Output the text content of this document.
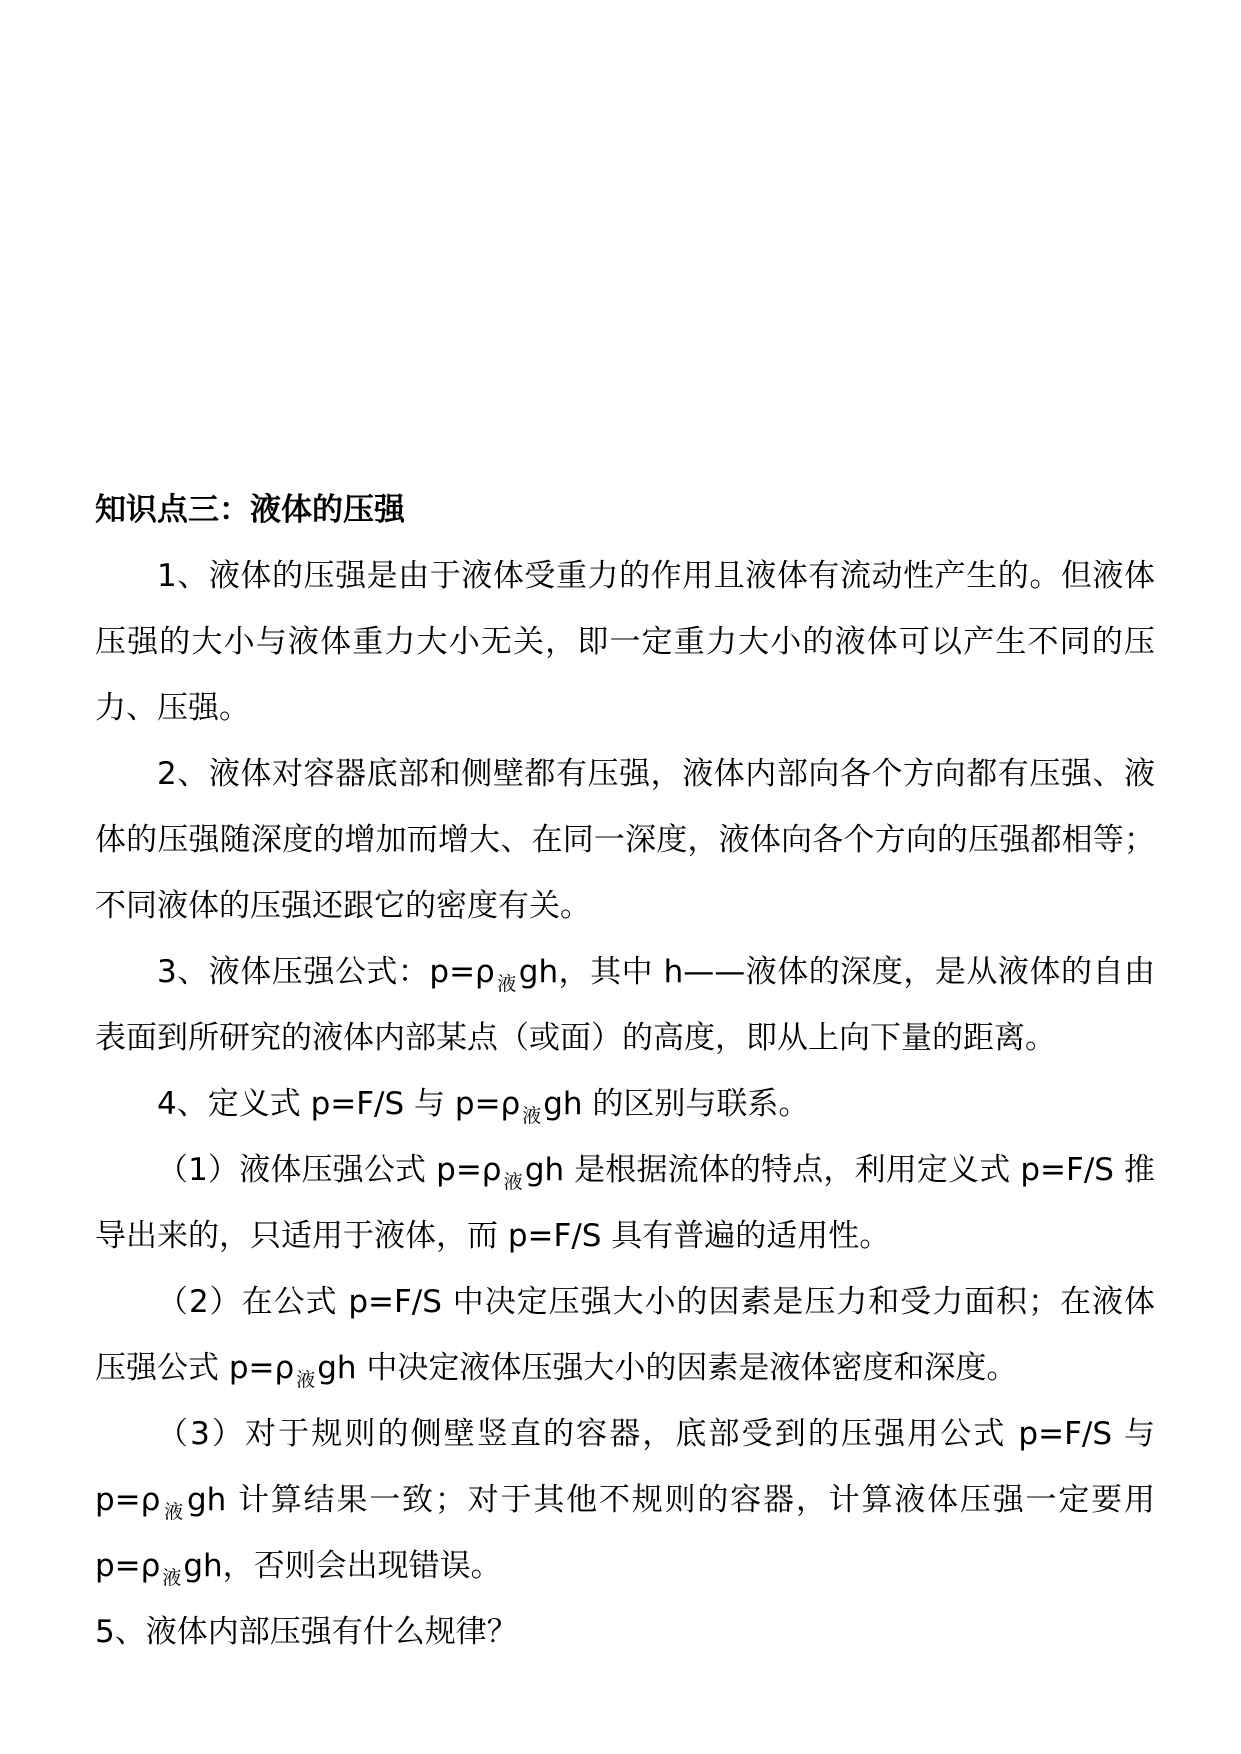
知识点三：液体的压强

1、液体的压强是由于液体受重力的作用且液体有流动性产生的。但液体压强的大小与液体重力大小无关，即一定重力大小的液体可以产生不同的压力、压强。

2、液体对容器底部和侧壁都有压强，液体内部向各个方向都有压强、液体的压强随深度的增加而增大、在同一深度，液体向各个方向的压强都相等；不同液体的压强还跟它的密度有关。

3、液体压强公式：p=ρ $_液$gh，其中 h——液体的深度，是从液体的自由表面到所研究的液体内部某点（或面）的高度，即从上向下量的距离。

4、定义式 p=F/S 与 p=ρ $_液$gh 的区别与联系。

（1）液体压强公式 p=ρ $_液$gh 是根据流体的特点，利用定义式 p=F/S 推导出来的，只适用于液体，而 p=F/S 具有普遍的适用性。

（2）在公式 p=F/S 中决定压强大小的因素是压力和受力面积；在液体压强公式 p=ρ $_液$gh 中决定液体压强大小的因素是液体密度和深度。

（3）对于规则的侧壁竖直的容器，底部受到的压强用公式 p=F/S 与 p=ρ $_液$gh 计算结果一致；对于其他不规则的容器，计算液体压强一定要用 p=ρ $_液$gh，否则会出现错误。

5、液体内部压强有什么规律？
